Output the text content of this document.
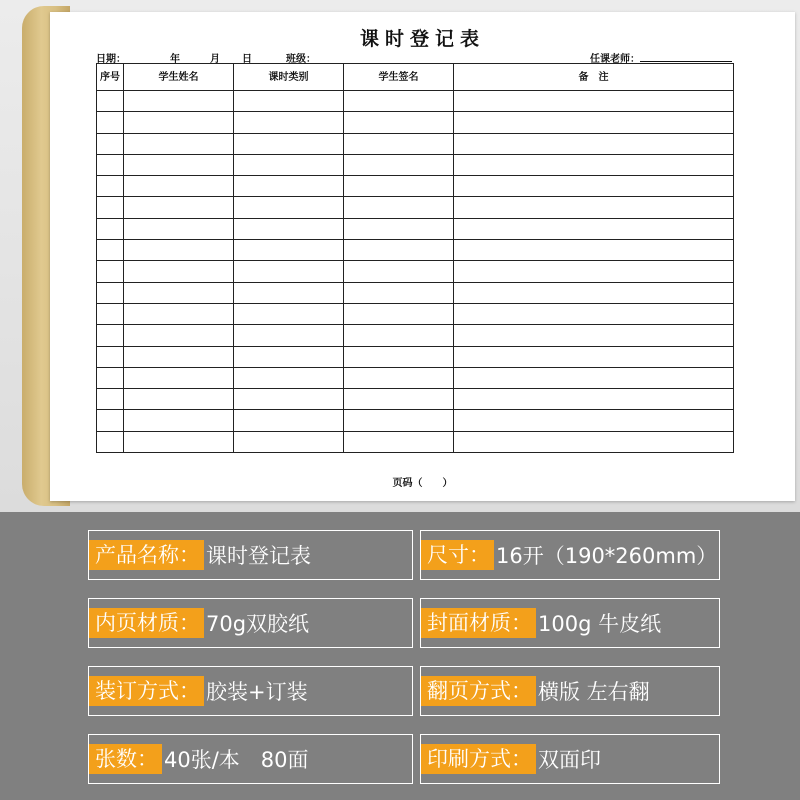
课时登记表
日期：	年	月 日	班级：	任课老师：
序号	学生姓名	课时类别	学生签名	备　注

页码（　　）
产品名称： 课时登记表	尺寸： 16开（190*260mm）
内页材质： 70g双胶纸	封面材质： 100g 牛皮纸
装订方式： 胶装+订装	翻页方式： 横版 左右翻
张数： 40张/本　80面	印刷方式： 双面印
